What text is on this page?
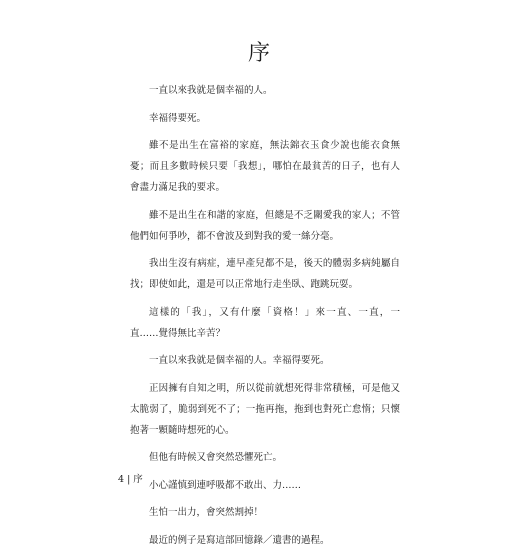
序

一直以來我就是個幸福的人。

幸福得要死。

雖不是出生在富裕的家庭，無法錦衣玉食少說也能衣食無憂；而且多數時候只要「我想」，哪怕在最貧苦的日子，也有人會盡力滿足我的要求。

雖不是出生在和諧的家庭，但總是不乏關愛我的家人；不管他們如何爭吵，都不會波及到對我的愛一絲分毫。

我出生沒有病症，連早產兒都不是，後天的體弱多病純屬自找；即使如此，還是可以正常地行走坐臥、跑跳玩耍。

這樣的「我」，又有什麼「資格！」來一直、一直，一直……覺得無比辛苦？

一直以來我就是個幸福的人。幸福得要死。

正因擁有自知之明，所以從前就想死得非常積極，可是他又太脆弱了，脆弱到死不了；一拖再拖，拖到也對死亡怠惰；只懷抱著一顆隨時想死的心。

但他有時候又會突然恐懼死亡。

小心謹慎到連呼吸都不敢出、力……

生怕一出力，會突然割掉！

最近的例子是寫這部回憶錄／遺書的過程。

4 | 序
